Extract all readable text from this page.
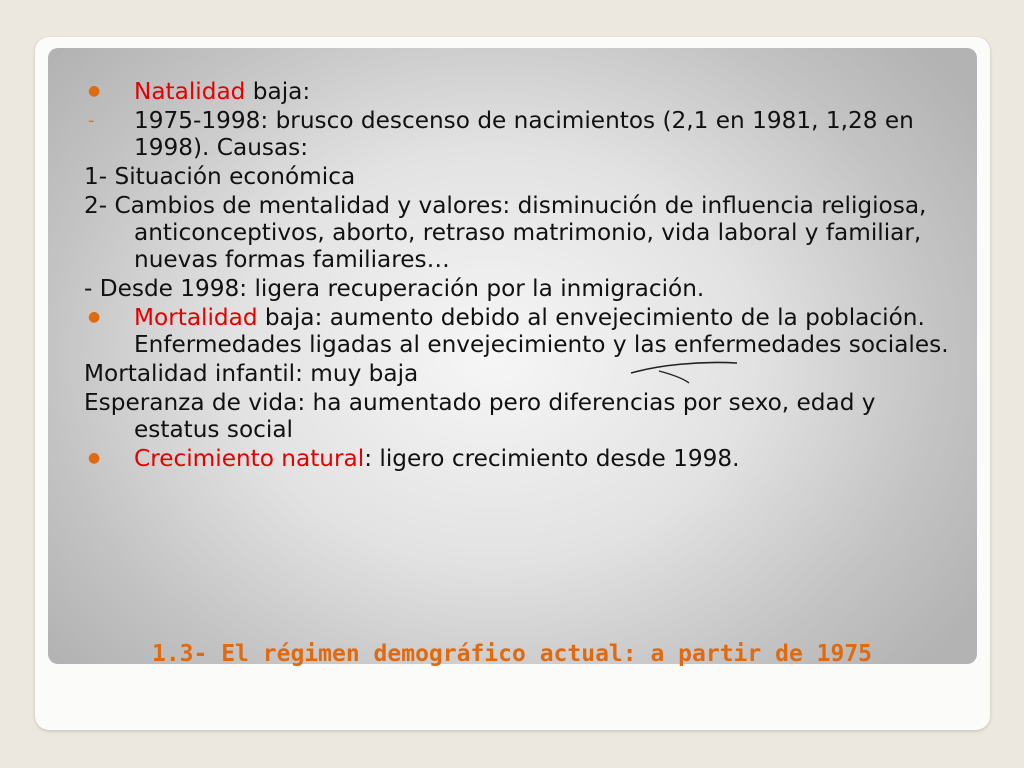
● Natalidad baja:
- 1975-1998: brusco descenso de nacimientos (2,1 en 1981, 1,28 en 1998). Causas:
1- Situación económica
2- Cambios de mentalidad y valores: disminución de influencia religiosa, anticonceptivos, aborto, retraso matrimonio, vida laboral y familiar, nuevas formas familiares…
- Desde 1998: ligera recuperación por la inmigración.
● Mortalidad baja: aumento debido al envejecimiento de la población. Enfermedades ligadas al envejecimiento y las enfermedades sociales.
Mortalidad infantil: muy baja
Esperanza de vida: ha aumentado pero diferencias por sexo, edad y estatus social
● Crecimiento natural: ligero crecimiento desde 1998.
1.3- El régimen demográfico actual: a partir de 1975
